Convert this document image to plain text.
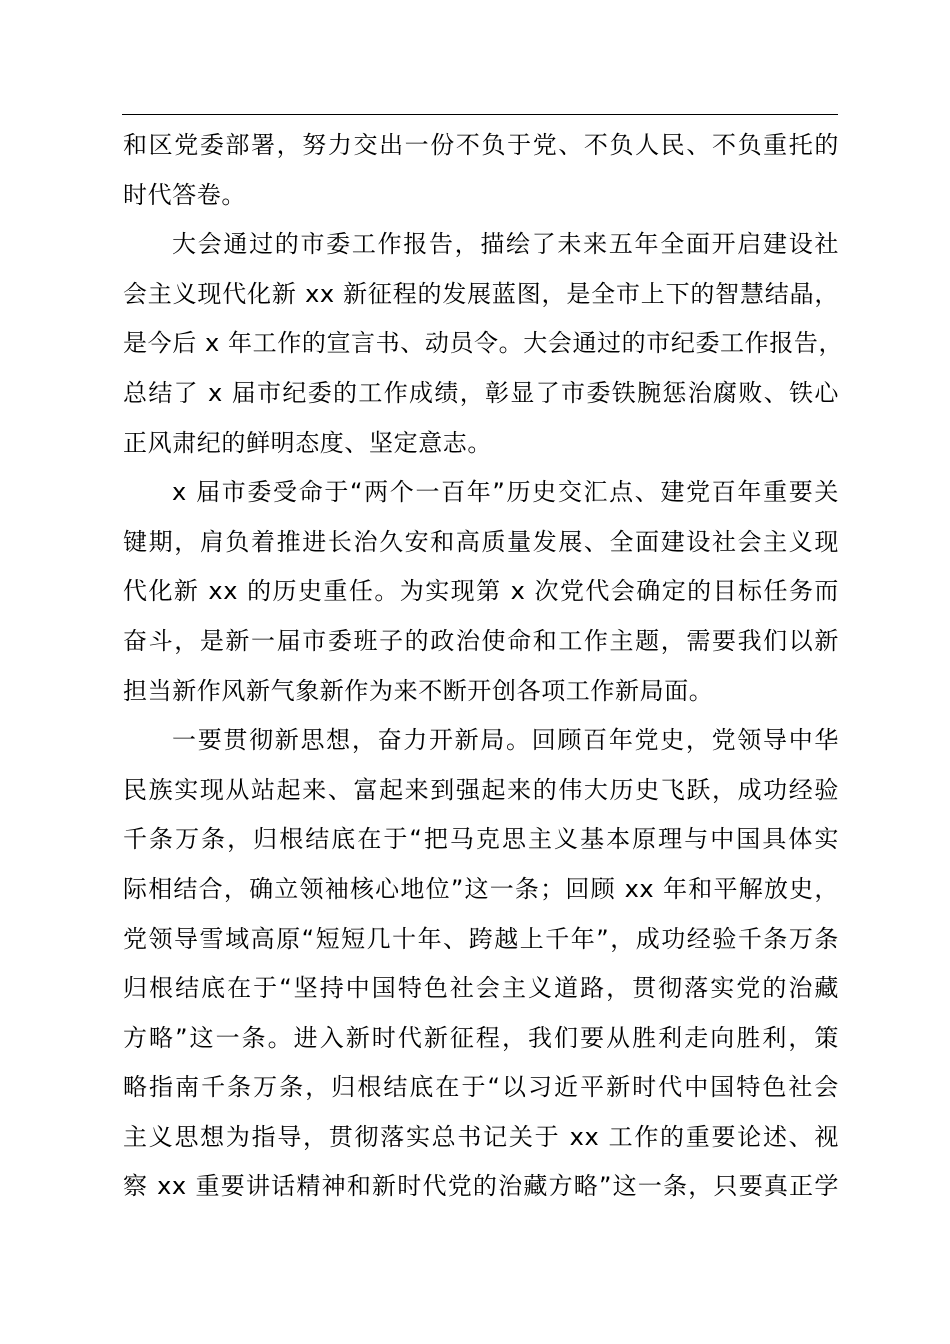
和区党委部署，努力交出一份不负于党、不负人民、不负重托的
时代答卷。
大会通过的市委工作报告，描绘了未来五年全面开启建设社
会主义现代化新 xx 新征程的发展蓝图，是全市上下的智慧结晶，
是今后 x 年工作的宣言书、动员令。大会通过的市纪委工作报告，
总结了 x 届市纪委的工作成绩，彰显了市委铁腕惩治腐败、铁心
正风肃纪的鲜明态度、坚定意志。
x 届市委受命于“两个一百年”历史交汇点、建党百年重要关
键期，肩负着推进长治久安和高质量发展、全面建设社会主义现
代化新 xx 的历史重任。为实现第 x 次党代会确定的目标任务而
奋斗，是新一届市委班子的政治使命和工作主题，需要我们以新
担当新作风新气象新作为来不断开创各项工作新局面。
一要贯彻新思想，奋力开新局。回顾百年党史，党领导中华
民族实现从站起来、富起来到强起来的伟大历史飞跃，成功经验
千条万条，归根结底在于“把马克思主义基本原理与中国具体实
际相结合，确立领袖核心地位”这一条；回顾 xx 年和平解放史，
党领导雪域高原“短短几十年、跨越上千年”，成功经验千条万条
归根结底在于“坚持中国特色社会主义道路，贯彻落实党的治藏
方略”这一条。进入新时代新征程，我们要从胜利走向胜利，策
略指南千条万条，归根结底在于“以习近平新时代中国特色社会
主义思想为指导，贯彻落实总书记关于 xx 工作的重要论述、视
察 xx 重要讲话精神和新时代党的治藏方略”这一条，只要真正学
